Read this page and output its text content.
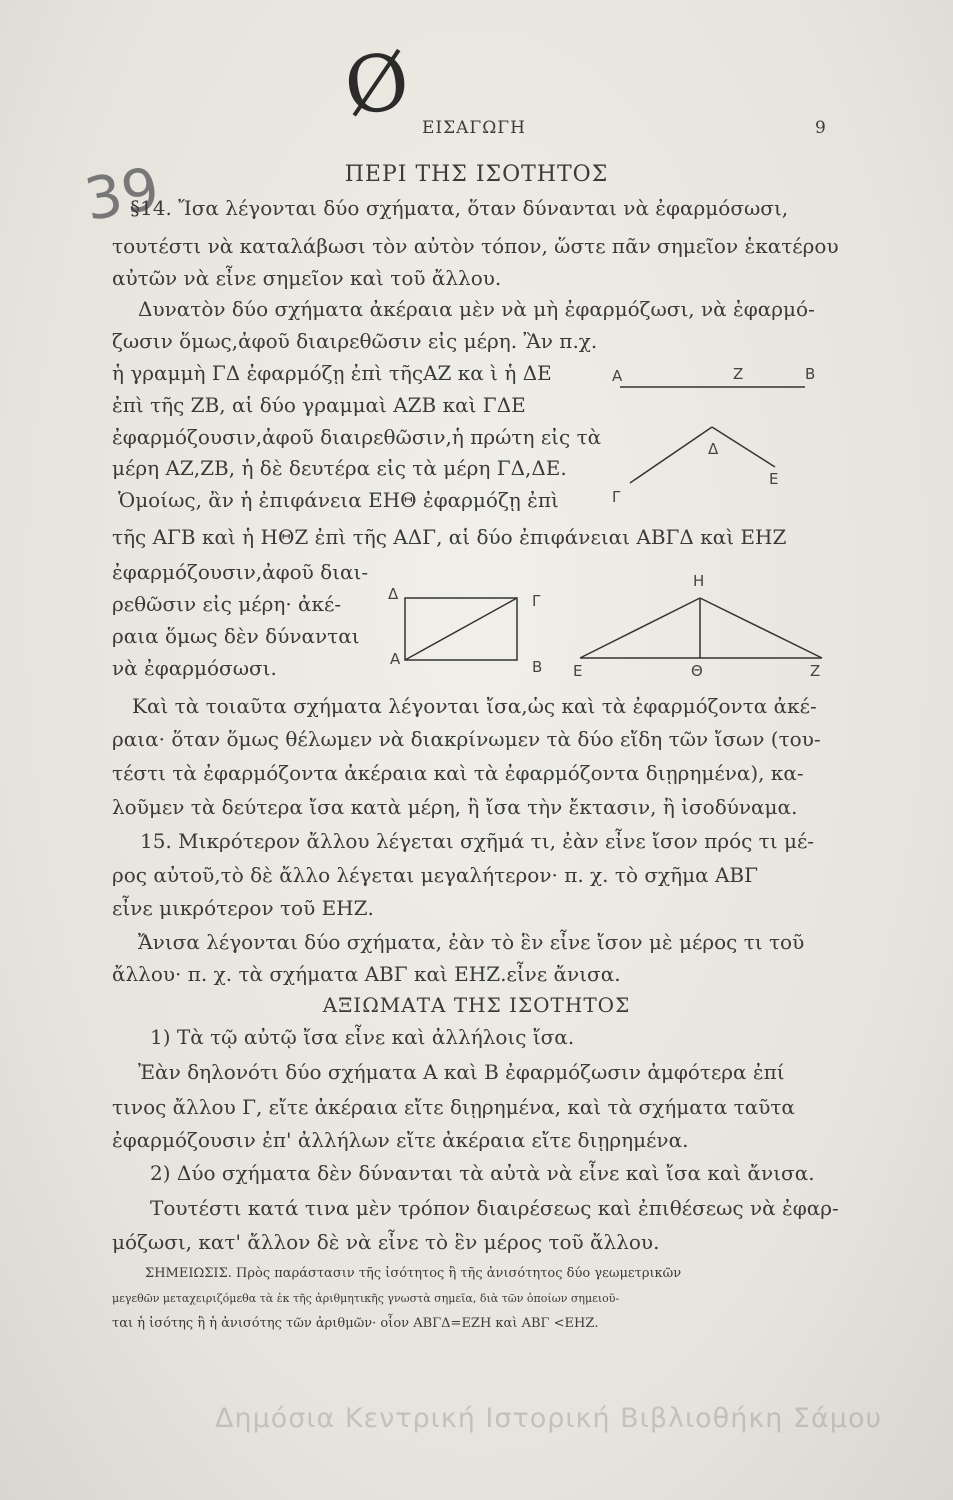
Ø
39
ΕΙΣΑΓΩΓΗ	9
ΠΕΡΙ ΤΗΣ ΙΣΟΤΗΤΟΣ
§14. Ἴσα λέγονται δύο σχήματα, ὅταν δύνανται νὰ ἐφαρμόσωσι,
τουτέστι νὰ καταλάβωσι τὸν αὐτὸν τόπον, ὥστε πᾶν σημεῖον ἑκατέρου
αὐτῶν νὰ εἶνε σημεῖον καὶ τοῦ ἄλλου.
Δυνατὸν δύο σχήματα ἀκέραια μὲν νὰ μὴ ἐφαρμόζωσι, νὰ ἐφαρμό-
ζωσιν ὅμως,ἀφοῦ διαιρεθῶσιν εἰς μέρη. Ἂν π.χ.
ἡ γραμμὴ ΓΔ ἐφαρμόζῃ ἐπὶ τῆςΑΖ κα ὶ ἡ ΔΕ
ἐπὶ τῆς ΖΒ, αἱ δύο γραμμαὶ ΑΖΒ καὶ ΓΔΕ
ἐφαρμόζουσιν,ἀφοῦ διαιρεθῶσιν,ἡ πρώτη εἰς τὰ
μέρη ΑΖ,ΖΒ, ἡ δὲ δευτέρα εἰς τὰ μέρη ΓΔ,ΔΕ.
Ὁμοίως, ἂν ἡ ἐπιφάνεια ΕΗΘ ἐφαρμόζῃ ἐπὶ
τῆς ΑΓΒ καὶ ἡ ΗΘΖ ἐπὶ τῆς ΑΔΓ, αἱ δύο ἐπιφάνειαι ΑΒΓΔ καὶ ΕΗΖ
ἐφαρμόζουσιν,ἀφοῦ διαι-
ρεθῶσιν εἰς μέρη· ἀκέ-
ραια ὅμως δὲν δύνανται
νὰ ἐφαρμόσωσι.
Καὶ τὰ τοιαῦτα σχήματα λέγονται ἴσα,ὡς καὶ τὰ ἐφαρμόζοντα ἀκέ-
ραια· ὅταν ὅμως θέλωμεν νὰ διακρίνωμεν τὰ δύο εἴδη τῶν ἴσων (του-
τέστι τὰ ἐφαρμόζοντα ἀκέραια καὶ τὰ ἐφαρμόζοντα διῃρημένα), κα-
λοῦμεν τὰ δεύτερα ἴσα κατὰ μέρη, ἢ ἴσα τὴν ἔκτασιν, ἢ ἰσοδύναμα.
15. Μικρότερον ἄλλου λέγεται σχῆμά τι, ἐὰν εἶνε ἴσον πρός τι μέ-
ρος αὐτοῦ,τὸ δὲ ἄλλο λέγεται μεγαλήτερον· π. χ. τὸ σχῆμα ΑΒΓ
εἶνε μικρότερον τοῦ ΕΗΖ.
Ἄνισα λέγονται δύο σχήματα, ἐὰν τὸ ἓν εἶνε ἴσον μὲ μέρος τι τοῦ
ἄλλου· π. χ. τὰ σχήματα ΑΒΓ καὶ ΕΗΖ.εἶνε ἄνισα.
ΑΞΙΩΜΑΤΑ ΤΗΣ ΙΣΟΤΗΤΟΣ
1) Τὰ τῷ αὐτῷ ἴσα εἶνε καὶ ἀλλήλοις ἴσα.
Ἐὰν δηλονότι δύο σχήματα Α καὶ Β ἐφαρμόζωσιν ἀμφότερα ἐπί
τινος ἄλλου Γ, εἴτε ἀκέραια εἴτε διῃρημένα, καὶ τὰ σχήματα ταῦτα
ἐφαρμόζουσιν ἐπ' ἀλλήλων εἴτε ἀκέραια εἴτε διῃρημένα.
2) Δύο σχήματα δὲν δύνανται τὰ αὐτὰ νὰ εἶνε καὶ ἴσα καὶ ἄνισα.
Τουτέστι κατά τινα μὲν τρόπον διαιρέσεως καὶ ἐπιθέσεως νὰ ἐφαρ-
μόζωσι, κατ' ἄλλον δὲ νὰ εἶνε τὸ ἓν μέρος τοῦ ἄλλου.
ΣΗΜΕΙΩΣΙΣ. Πρὸς παράστασιν τῆς ἰσότητος ἢ τῆς ἀνισότητος δύο γεωμετρικῶν
μεγεθῶν μεταχειριζόμεθα τὰ ἐκ τῆς ἀριθμητικῆς γνωστὰ σημεῖα, διὰ τῶν ὁποίων σημειοῦ-
ται ἡ ἰσότης ἢ ἡ ἀνισότης τῶν ἀριθμῶν· οἷον ΑΒΓΔ=ΕΖΗ καὶ ΑΒΓ <ΕΗΖ.
Α	Ζ	Β
Δ
Ε
Γ
Δ	Γ
Α	Β
Η
Ε	Θ	Ζ
Δημόσια Κεντρική Ιστορική Βιβλιοθήκη Σάμου
